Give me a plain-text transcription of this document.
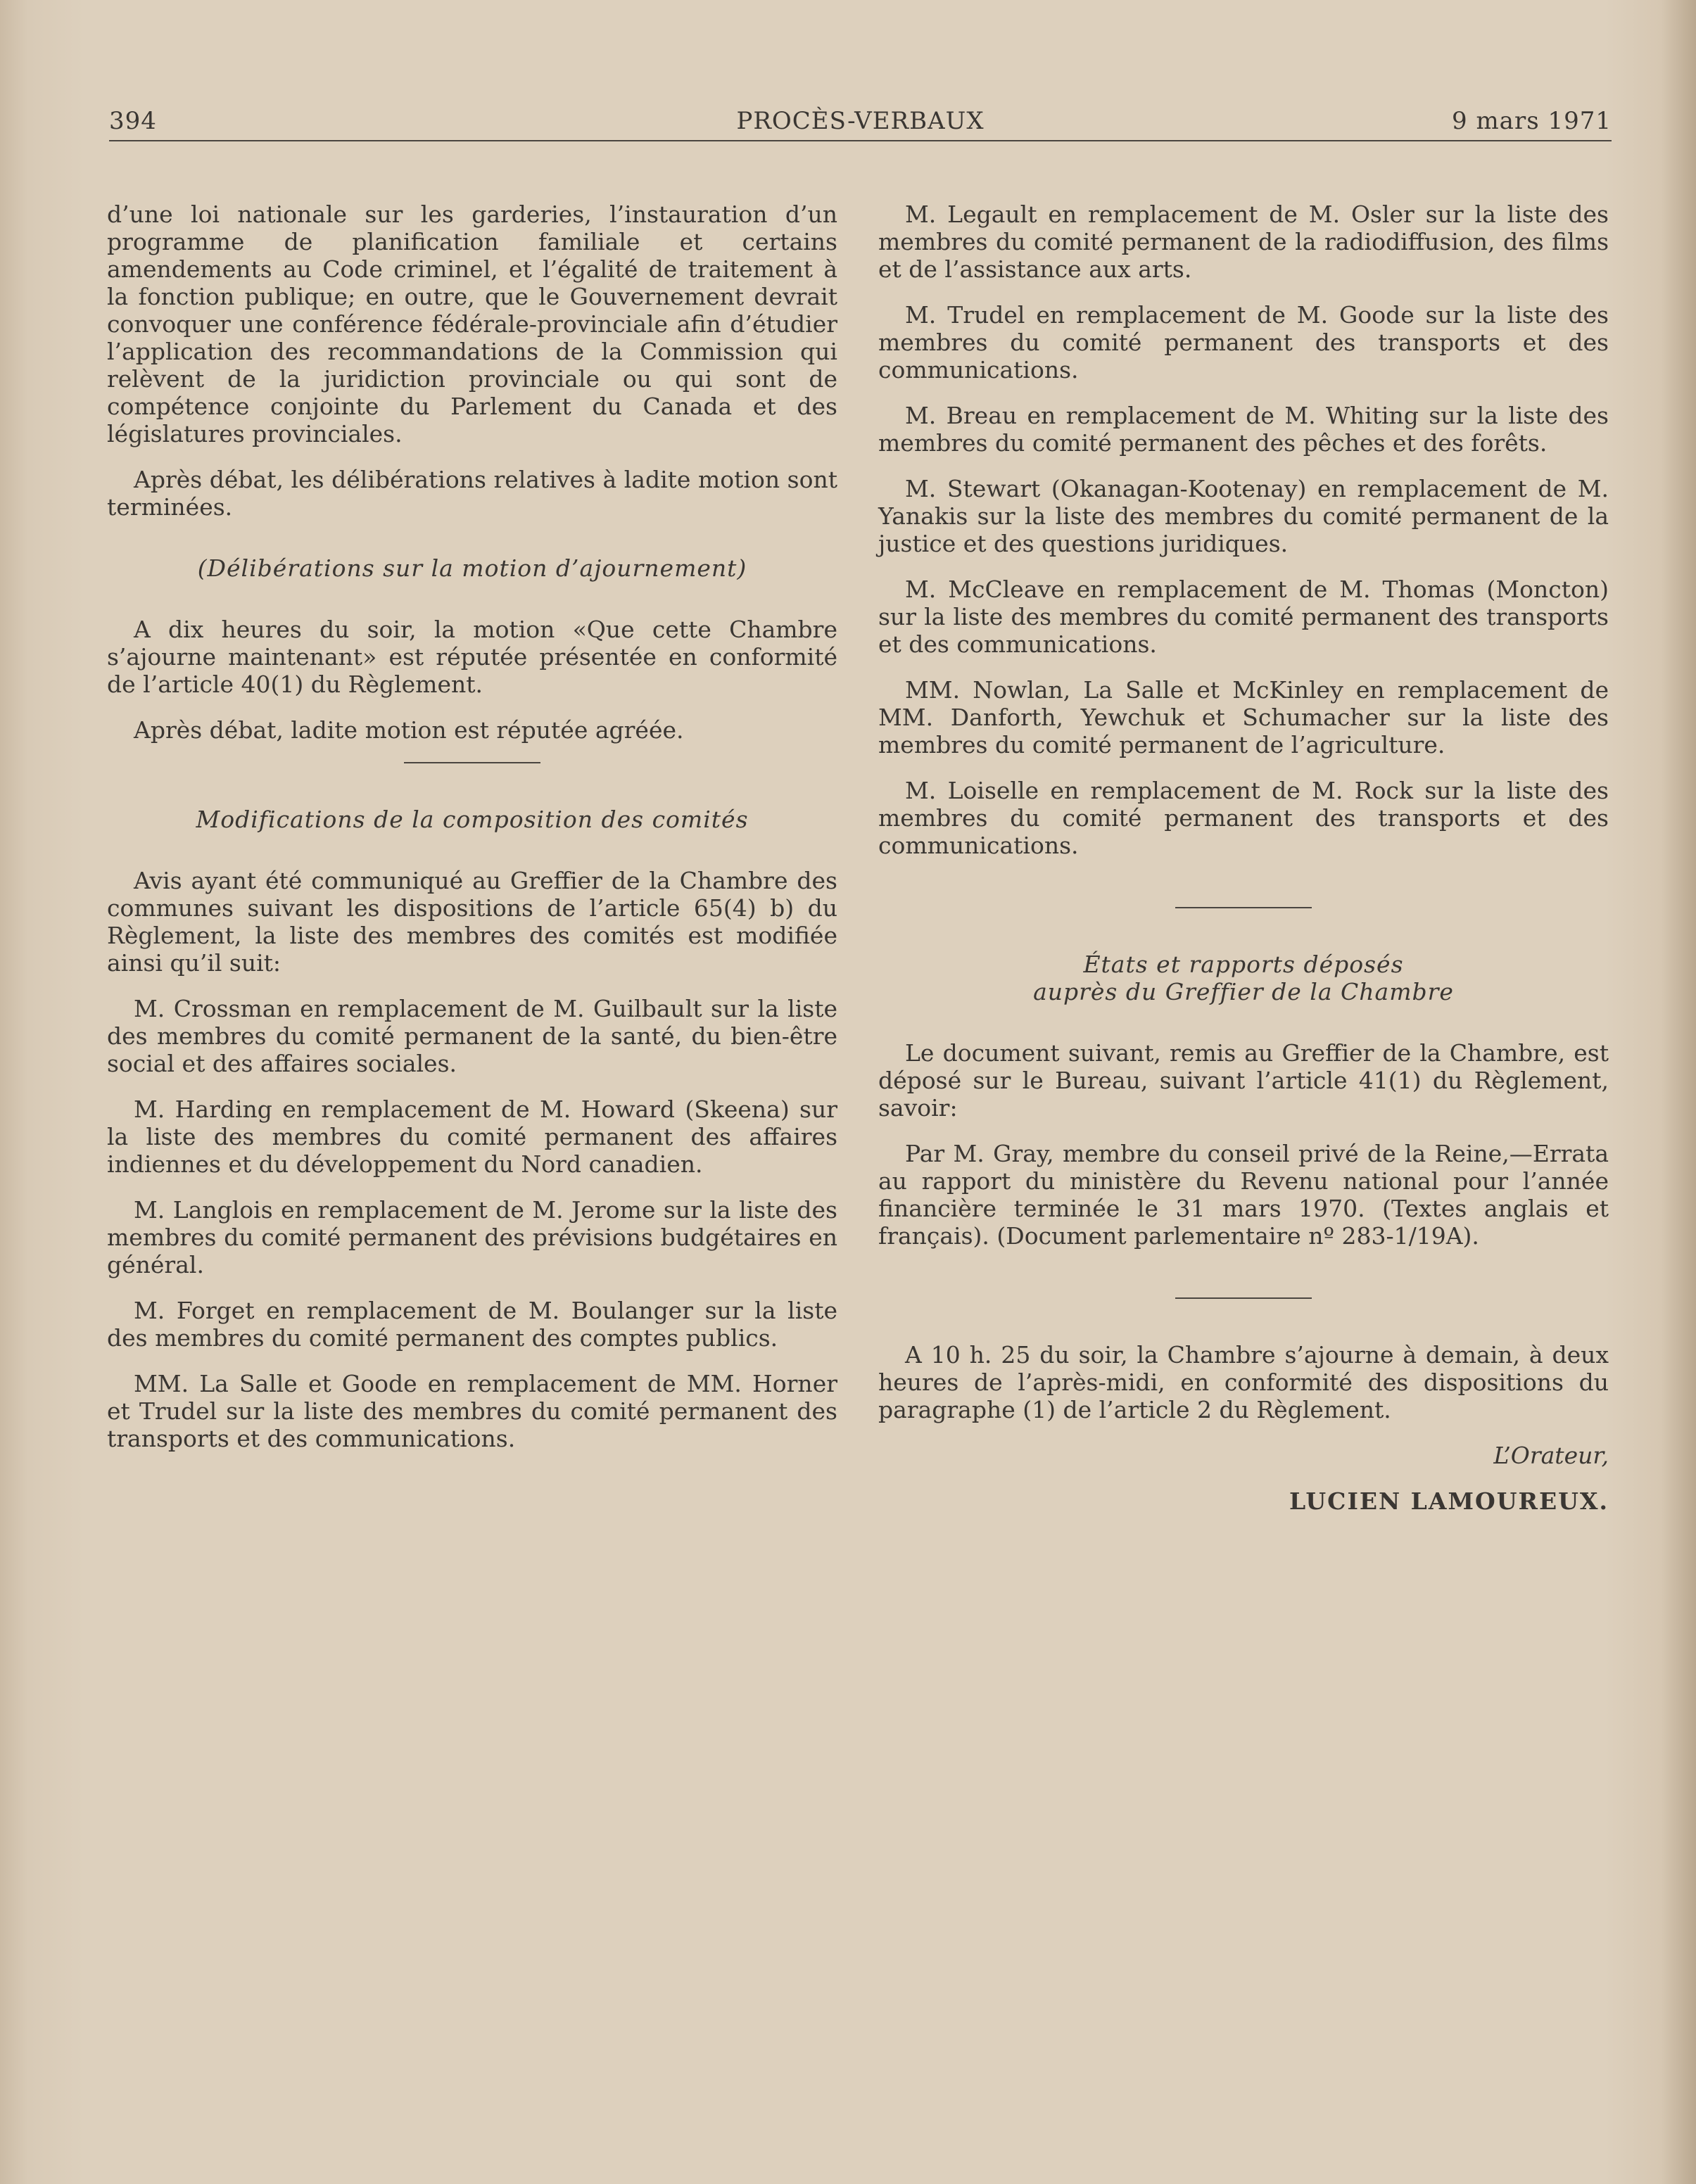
PROCÈS-VERBAUX
394	9 mars 1971

d’une loi nationale sur les garderies, l’instauration d’un programme de planification familiale et certains amendements au Code criminel, et l’égalité de traitement à la fonction publique; en outre, que le Gouvernement devrait convoquer une conférence fédérale-provinciale afin d’étudier l’application des recommandations de la Commission qui relèvent de la juridiction provinciale ou qui sont de compétence conjointe du Parlement du Canada et des législatures provinciales.

Après débat, les délibérations relatives à ladite motion sont terminées.

(Délibérations sur la motion d’ajournement)

A dix heures du soir, la motion «Que cette Chambre s’ajourne maintenant» est réputée présentée en conformité de l’article 40(1) du Règlement.

Après débat, ladite motion est réputée agréée.

Modifications de la composition des comités

Avis ayant été communiqué au Greffier de la Chambre des communes suivant les dispositions de l’article 65(4) b) du Règlement, la liste des membres des comités est modifiée ainsi qu’il suit:

M. Crossman en remplacement de M. Guilbault sur la liste des membres du comité permanent de la santé, du bien-être social et des affaires sociales.

M. Harding en remplacement de M. Howard (Skeena) sur la liste des membres du comité permanent des affaires indiennes et du développement du Nord canadien.

M. Langlois en remplacement de M. Jerome sur la liste des membres du comité permanent des prévisions budgétaires en général.

M. Forget en remplacement de M. Boulanger sur la liste des membres du comité permanent des comptes publics.

MM. La Salle et Goode en remplacement de MM. Horner et Trudel sur la liste des membres du comité permanent des transports et des communications.

M. Legault en remplacement de M. Osler sur la liste des membres du comité permanent de la radiodiffusion, des films et de l’assistance aux arts.

M. Trudel en remplacement de M. Goode sur la liste des membres du comité permanent des transports et des communications.

M. Breau en remplacement de M. Whiting sur la liste des membres du comité permanent des pêches et des forêts.

M. Stewart (Okanagan-Kootenay) en remplacement de M. Yanakis sur la liste des membres du comité permanent de la justice et des questions juridiques.

M. McCleave en remplacement de M. Thomas (Moncton) sur la liste des membres du comité permanent des transports et des communications.

MM. Nowlan, La Salle et McKinley en remplacement de MM. Danforth, Yewchuk et Schumacher sur la liste des membres du comité permanent de l’agriculture.

M. Loiselle en remplacement de M. Rock sur la liste des membres du comité permanent des transports et des communications.

États et rapports déposés

auprès du Greffier de la Chambre

Le document suivant, remis au Greffier de la Chambre, est déposé sur le Bureau, suivant l’article 41(1) du Règlement, savoir:

Par M. Gray, membre du conseil privé de la Reine,—Errata au rapport du ministère du Revenu national pour l’année financière terminée le 31 mars 1970. (Textes anglais et français). (Document parlementaire nº 283-1/19A).

A 10 h. 25 du soir, la Chambre s’ajourne à demain, à deux heures de l’après-midi, en conformité des dispositions du paragraphe (1) de l’article 2 du Règlement.

L’Orateur,

LUCIEN LAMOUREUX.
